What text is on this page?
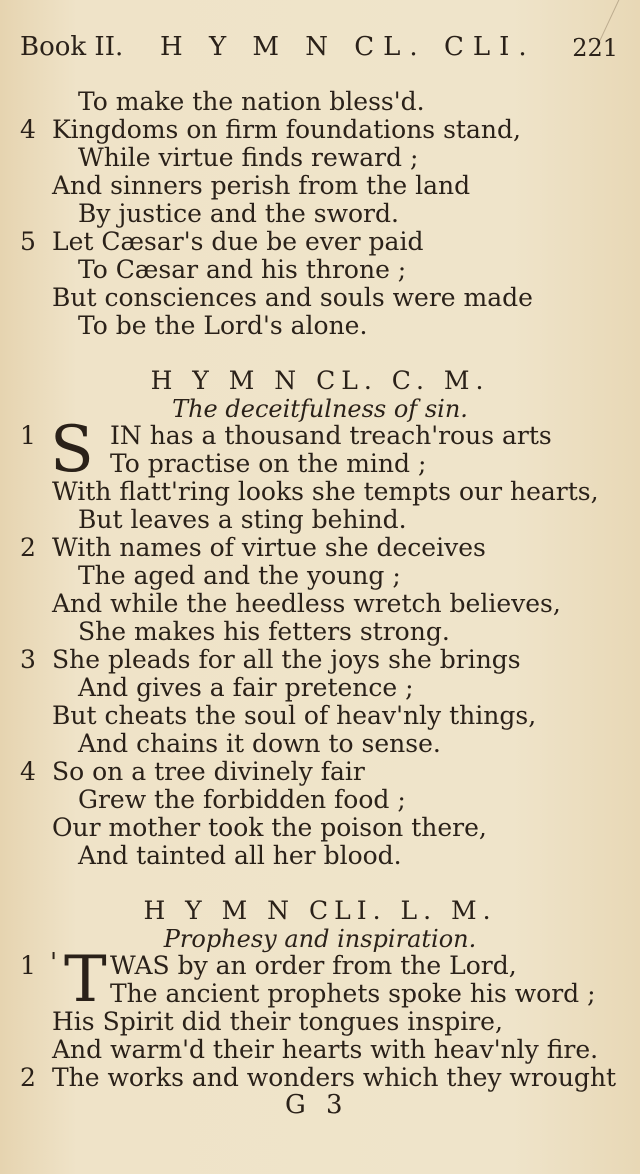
Book II. H Y M N CL. CLI. 221
To make the nation bless'd.
4 Kingdoms on firm foundations stand,
While virtue finds reward ;
And sinners perish from the land
By justice and the sword.
5 Let Cæsar's due be ever paid
To Cæsar and his throne ;
But consciences and souls were made
To be the Lord's alone.
H Y M N CL. C. M.
The deceitfulness of sin.
1	IN has a thousand treach'rous arts
S To practise on the mind ;
With flatt'ring looks she tempts our hearts,
But leaves a sting behind.
2 With names of virtue she deceives
The aged and the young ;
And while the heedless wretch believes,
She makes his fetters strong.
3 She pleads for all the joys she brings
And gives a fair pretence ;
But cheats the soul of heav'nly things,
And chains it down to sense.
4 So on a tree divinely fair
Grew the forbidden food ;
Our mother took the poison there,
And tainted all her blood.
H Y M N CLI. L. M.
Prophesy and inspiration.
1	WAS by an order from the Lord,
' T The ancient prophets spoke his word ;
His Spirit did their tongues inspire,
And warm'd their hearts with heav'nly fire.
2 The works and wonders which they wrought
G 3
